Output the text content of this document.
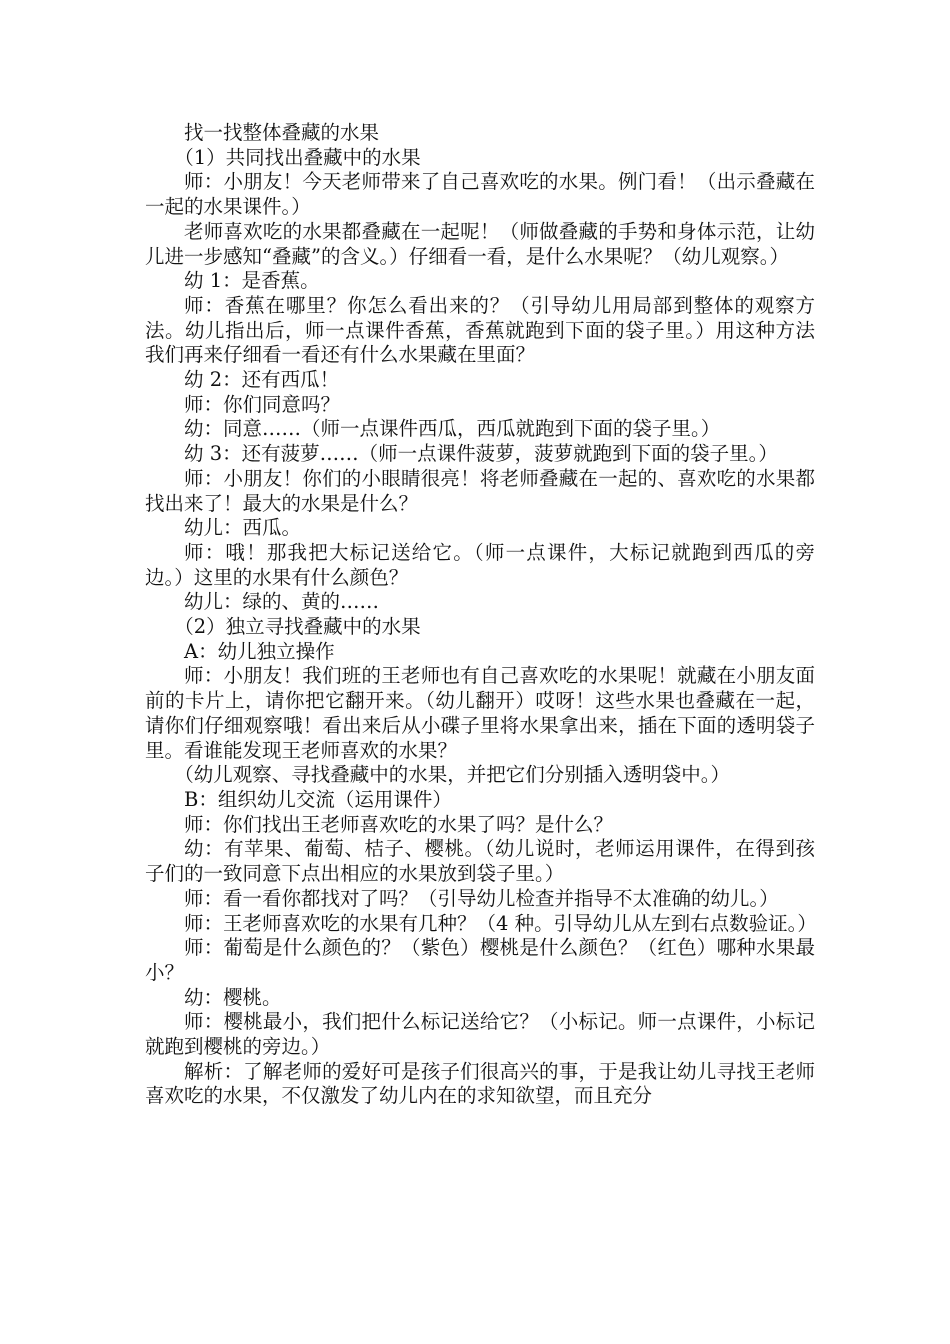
找一找整体叠藏的水果

（1）共同找出叠藏中的水果

师：小朋友！今天老师带来了自己喜欢吃的水果。例门看！（出示叠藏在一起的水果课件。）

老师喜欢吃的水果都叠藏在一起呢！（师做叠藏的手势和身体示范，让幼儿进一步感知“叠藏”的含义。）仔细看一看，是什么水果呢？（幼儿观察。）

幼 1：是香蕉。

师：香蕉在哪里？你怎么看出来的？（引导幼儿用局部到整体的观察方法。幼儿指出后，师一点课件香蕉，香蕉就跑到下面的袋子里。）用这种方法我们再来仔细看一看还有什么水果藏在里面？

幼 2：还有西瓜！

师：你们同意吗？

幼：同意……（师一点课件西瓜，西瓜就跑到下面的袋子里。）

幼 3：还有菠萝……（师一点课件菠萝，菠萝就跑到下面的袋子里。）

师：小朋友！你们的小眼睛很亮！将老师叠藏在一起的、喜欢吃的水果都找出来了！最大的水果是什么？

幼儿：西瓜。

师：哦！那我把大标记送给它。（师一点课件，大标记就跑到西瓜的旁边。）这里的水果有什么颜色？

幼儿：绿的、黄的……

（2）独立寻找叠藏中的水果

A：幼儿独立操作

师：小朋友！我们班的王老师也有自己喜欢吃的水果呢！就藏在小朋友面前的卡片上，请你把它翻开来。（幼儿翻开）哎呀！这些水果也叠藏在一起，请你们仔细观察哦！看出来后从小碟子里将水果拿出来，插在下面的透明袋子里。看谁能发现王老师喜欢的水果？

（幼儿观察、寻找叠藏中的水果，并把它们分别插入透明袋中。）

B：组织幼儿交流（运用课件）

师：你们找出王老师喜欢吃的水果了吗？是什么？

幼：有苹果、葡萄、桔子、樱桃。（幼儿说时，老师运用课件，在得到孩子们的一致同意下点出相应的水果放到袋子里。）

师：看一看你都找对了吗？（引导幼儿检查并指导不太准确的幼儿。）

师：王老师喜欢吃的水果有几种？（4 种。引导幼儿从左到右点数验证。）

师：葡萄是什么颜色的？（紫色）樱桃是什么颜色？（红色）哪种水果最小？

幼：樱桃。

师：樱桃最小，我们把什么标记送给它？（小标记。师一点课件，小标记就跑到樱桃的旁边。）

解析：了解老师的爱好可是孩子们很高兴的事，于是我让幼儿寻找王老师喜欢吃的水果，不仅激发了幼儿内在的求知欲望，而且充分
